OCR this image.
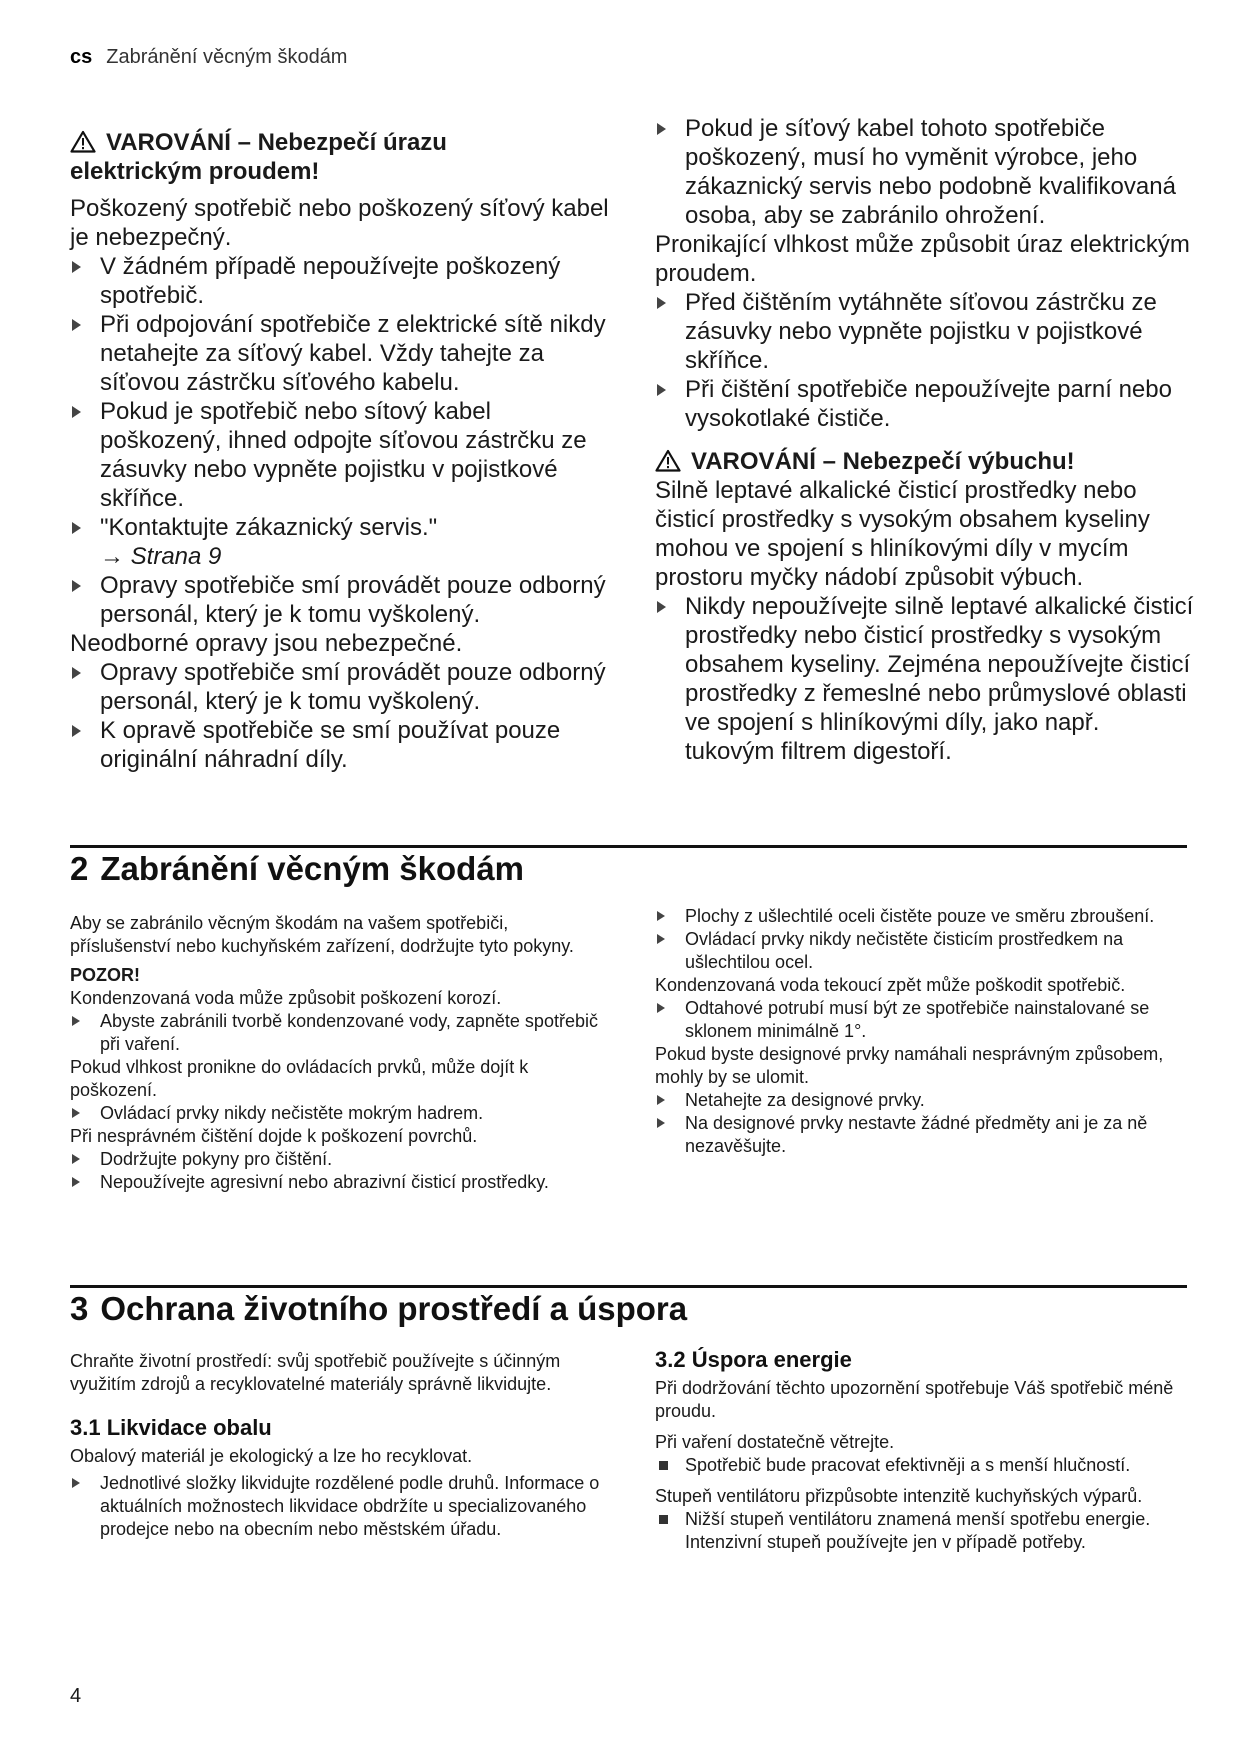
cs Zabránění věcným škodám

VAROVÁNÍ – Nebezpečí úrazu
elektrickým proudem!

Poškozený spotřebič nebo poškozený síťový kabel je nebezpečný.

V žádném případě nepoužívejte poškozený spotřebič.
Při odpojování spotřebiče z elektrické sítě nikdy netahejte za síťový kabel. Vždy tahejte za síťovou zástrčku síťového kabelu.
Pokud je spotřebič nebo sítový kabel poškozený, ihned odpojte síťovou zástrčku ze zásuvky nebo vypněte pojistku v pojistkové skříňce.
"Kontaktujte zákaznický servis."
→ Strana 9
Opravy spotřebiče smí provádět pouze odborný personál, který je k tomu vyškolený.

Neodborné opravy jsou nebezpečné.

Opravy spotřebiče smí provádět pouze odborný personál, který je k tomu vyškolený.
K opravě spotřebiče se smí používat pouze originální náhradní díly.
Pokud je síťový kabel tohoto spotřebiče poškozený, musí ho vyměnit výrobce, jeho zákaznický servis nebo podobně kvalifikovaná osoba, aby se zabránilo ohrožení.

Pronikající vlhkost může způsobit úraz elektrickým proudem.

Před čištěním vytáhněte síťovou zástrčku ze zásuvky nebo vypněte pojistku v pojistkové skříňce.
Při čištění spotřebiče nepoužívejte parní nebo vysokotlaké čističe.

VAROVÁNÍ – Nebezpečí výbuchu!

Silně leptavé alkalické čisticí prostředky nebo čisticí prostředky s vysokým obsahem kyseliny mohou ve spojení s hliníkovými díly v mycím prostoru myčky nádobí způsobit výbuch.

Nikdy nepoužívejte silně leptavé alkalické čisticí prostředky nebo čisticí prostředky s vysokým obsahem kyseliny. Zejména nepoužívejte čisticí prostředky z řemeslné nebo průmyslové oblasti ve spojení s hliníkovými díly, jako např. tukovým filtrem digestoří.
2 Zabránění věcným škodám

Aby se zabránilo věcným škodám na vašem spotřebiči, příslušenství nebo kuchyňském zařízení, dodržujte tyto pokyny.

POZOR!

Kondenzovaná voda může způsobit poškození korozí.

Abyste zabránili tvorbě kondenzované vody, zapněte spotřebič při vaření.

Pokud vlhkost pronikne do ovládacích prvků, může dojít k poškození.

Ovládací prvky nikdy nečistěte mokrým hadrem.

Při nesprávném čištění dojde k poškození povrchů.

Dodržujte pokyny pro čištění.
Nepoužívejte agresivní nebo abrazivní čisticí prostředky.
Plochy z ušlechtilé oceli čistěte pouze ve směru zbroušení.
Ovládací prvky nikdy nečistěte čisticím prostředkem na ušlechtilou ocel.

Kondenzovaná voda tekoucí zpět může poškodit spotřebič.

Odtahové potrubí musí být ze spotřebiče nainstalované se sklonem minimálně 1°.

Pokud byste designové prvky namáhali nesprávným způsobem, mohly by se ulomit.

Netahejte za designové prvky.
Na designové prvky nestavte žádné předměty ani je za ně nezavěšujte.
3 Ochrana životního prostředí a úspora

Chraňte životní prostředí: svůj spotřebič používejte s účinným využitím zdrojů a recyklovatelné materiály správně likvidujte.

3.1 Likvidace obalu

Obalový materiál je ekologický a lze ho recyklovat.

Jednotlivé složky likvidujte rozdělené podle druhů. Informace o aktuálních možnostech likvidace obdržíte u specializovaného prodejce nebo na obecním nebo městském úřadu.

3.2 Úspora energie

Při dodržování těchto upozornění spotřebuje Váš spotřebič méně proudu.

Při vaření dostatečně větrejte.

Spotřebič bude pracovat efektivněji a s menší hlučností.

Stupeň ventilátoru přizpůsobte intenzitě kuchyňských výparů.

Nižší stupeň ventilátoru znamená menší spotřebu energie.
Intenzivní stupeň používejte jen v případě potřeby.
4
